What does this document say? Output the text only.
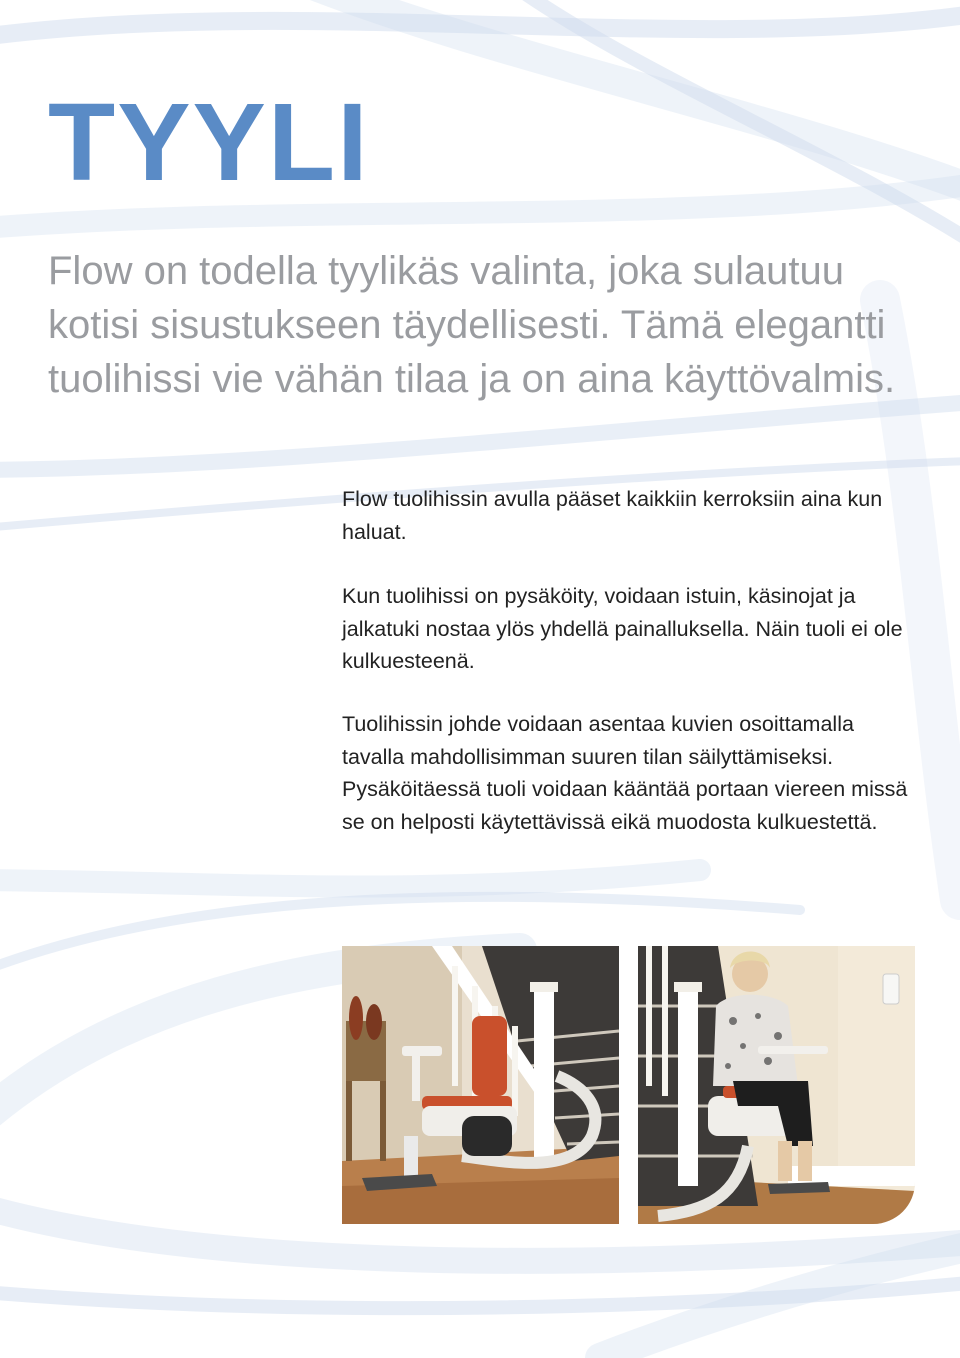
TYYLI
Flow on todella tyylikäs valinta, joka sulautuu kotisi sisustukseen täydellisesti. Tämä elegantti tuolihissi vie vähän tilaa ja on aina käyttövalmis.
Flow tuolihissin avulla pääset kaikkiin kerroksiin aina kun haluat.
Kun tuolihissi on pysäköity, voidaan istuin, käsinojat ja jalkatuki nostaa ylös yhdellä painalluksella. Näin tuoli ei ole kulkuesteenä.
Tuolihissin johde voidaan asentaa kuvien osoittamalla tavalla mahdollisimman suuren tilan säilyttämiseksi. Pysäköitäessä tuoli voidaan kääntää portaan viereen missä se on helposti käytettävissä eikä muodosta kulkuestettä.
